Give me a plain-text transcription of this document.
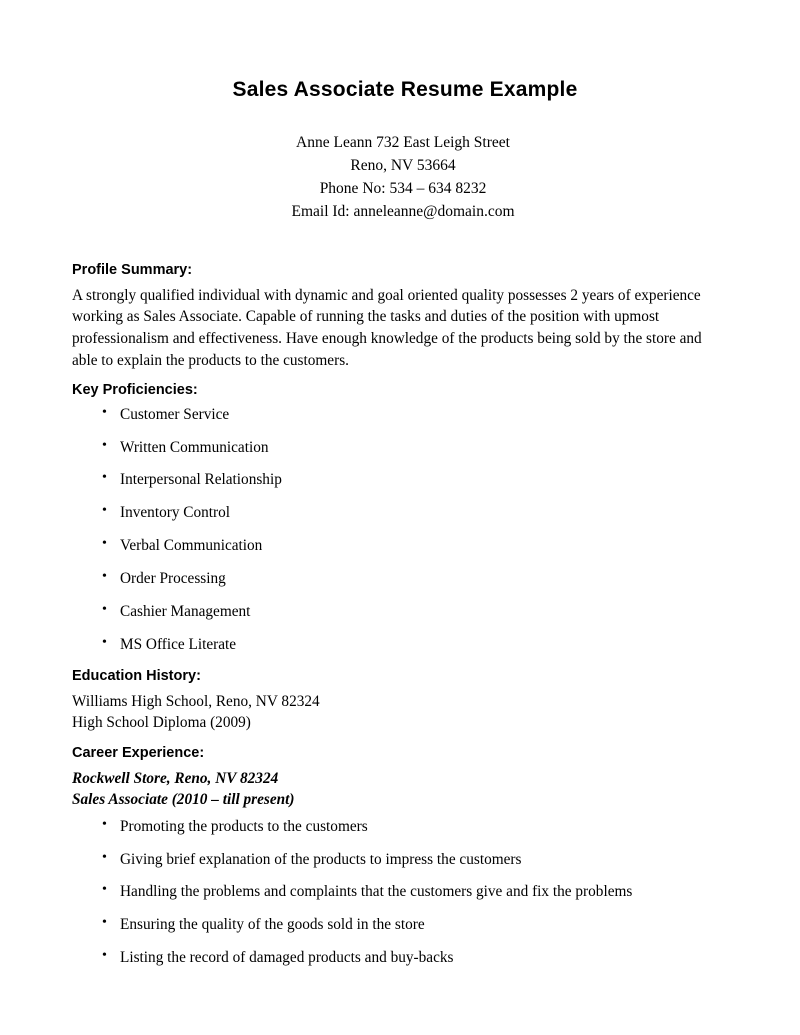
Sales Associate Resume Example
Anne Leann 732 East Leigh Street
Reno, NV 53664
Phone No: 534 – 634 8232
Email Id: anneleanne@domain.com
Profile Summary:

A strongly qualified individual with dynamic and goal oriented quality possesses 2 years of experience working as Sales Associate. Capable of running the tasks and duties of the position with upmost professionalism and effectiveness. Have enough knowledge of the products being sold by the store and able to explain the products to the customers.

Key Proficiencies:
• Customer Service
• Written Communication
• Interpersonal Relationship
• Inventory Control
• Verbal Communication
• Order Processing
• Cashier Management
• MS Office Literate
Education History:

Williams High School, Reno, NV 82324

High School Diploma (2009)

Career Experience:

Rockwell Store, Reno, NV 82324

Sales Associate (2010 – till present)

• Promoting the products to the customers
• Giving brief explanation of the products to impress the customers
• Handling the problems and complaints that the customers give and fix the problems
• Ensuring the quality of the goods sold in the store
• Listing the record of damaged products and buy-backs
